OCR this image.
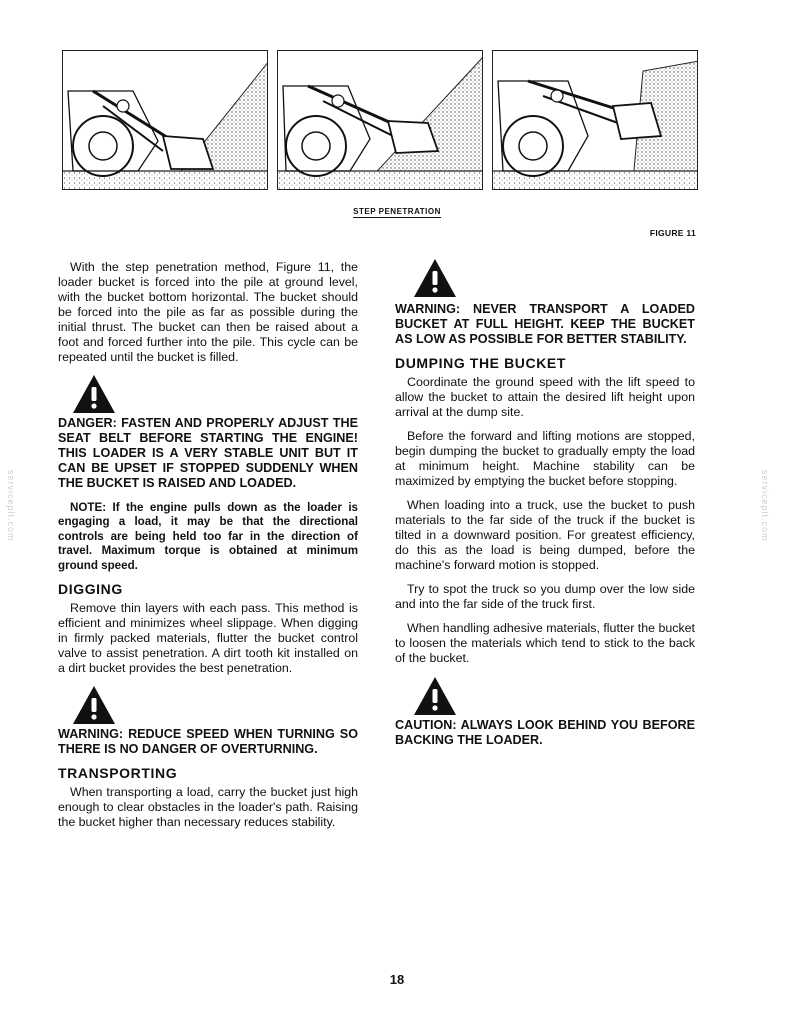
STEP PENETRATION
FIGURE 11

With the step penetration method, Figure 11, the loader bucket is forced into the pile at ground level, with the bucket bottom horizontal. The bucket should be forced into the pile as far as possible during the initial thrust. The bucket can then be raised about a foot and forced further into the pile. This cycle can be repeated until the bucket is filled.

DANGER: FASTEN AND PROPERLY ADJUST THE SEAT BELT BEFORE STARTING THE ENGINE! THIS LOADER IS A VERY STABLE UNIT BUT IT CAN BE UPSET IF STOPPED SUDDENLY WHEN THE BUCKET IS RAISED AND LOADED.
NOTE: If the engine pulls down as the loader is engaging a load, it may be that the directional controls are being held too far in the direction of travel. Maximum torque is obtained at minimum ground speed.
DIGGING

Remove thin layers with each pass. This method is efficient and minimizes wheel slippage. When digging in firmly packed materials, flutter the bucket control valve to assist penetration. A dirt tooth kit installed on a dirt bucket provides the best penetration.

WARNING: REDUCE SPEED WHEN TURNING SO THERE IS NO DANGER OF OVERTURNING.
TRANSPORTING

When transporting a load, carry the bucket just high enough to clear obstacles in the loader's path. Raising the bucket higher than necessary reduces stability.

WARNING: NEVER TRANSPORT A LOADED BUCKET AT FULL HEIGHT. KEEP THE BUCKET AS LOW AS POSSIBLE FOR BETTER STABILITY.
DUMPING THE BUCKET

Coordinate the ground speed with the lift speed to allow the bucket to attain the desired lift height upon arrival at the dump site.

Before the forward and lifting motions are stopped, begin dumping the bucket to gradually empty the load at minimum height. Machine stability can be maximized by emptying the bucket before stopping.

When loading into a truck, use the bucket to push materials to the far side of the truck if the bucket is tilted in a downward position. For greatest efficiency, do this as the load is being dumped, before the machine's forward motion is stopped.

Try to spot the truck so you dump over the low side and into the far side of the truck first.

When handling adhesive materials, flutter the bucket to loosen the materials which tend to stick to the back of the bucket.

CAUTION: ALWAYS LOOK BEHIND YOU BEFORE BACKING THE LOADER.
serviceplt.com	serviceplt.com
18
